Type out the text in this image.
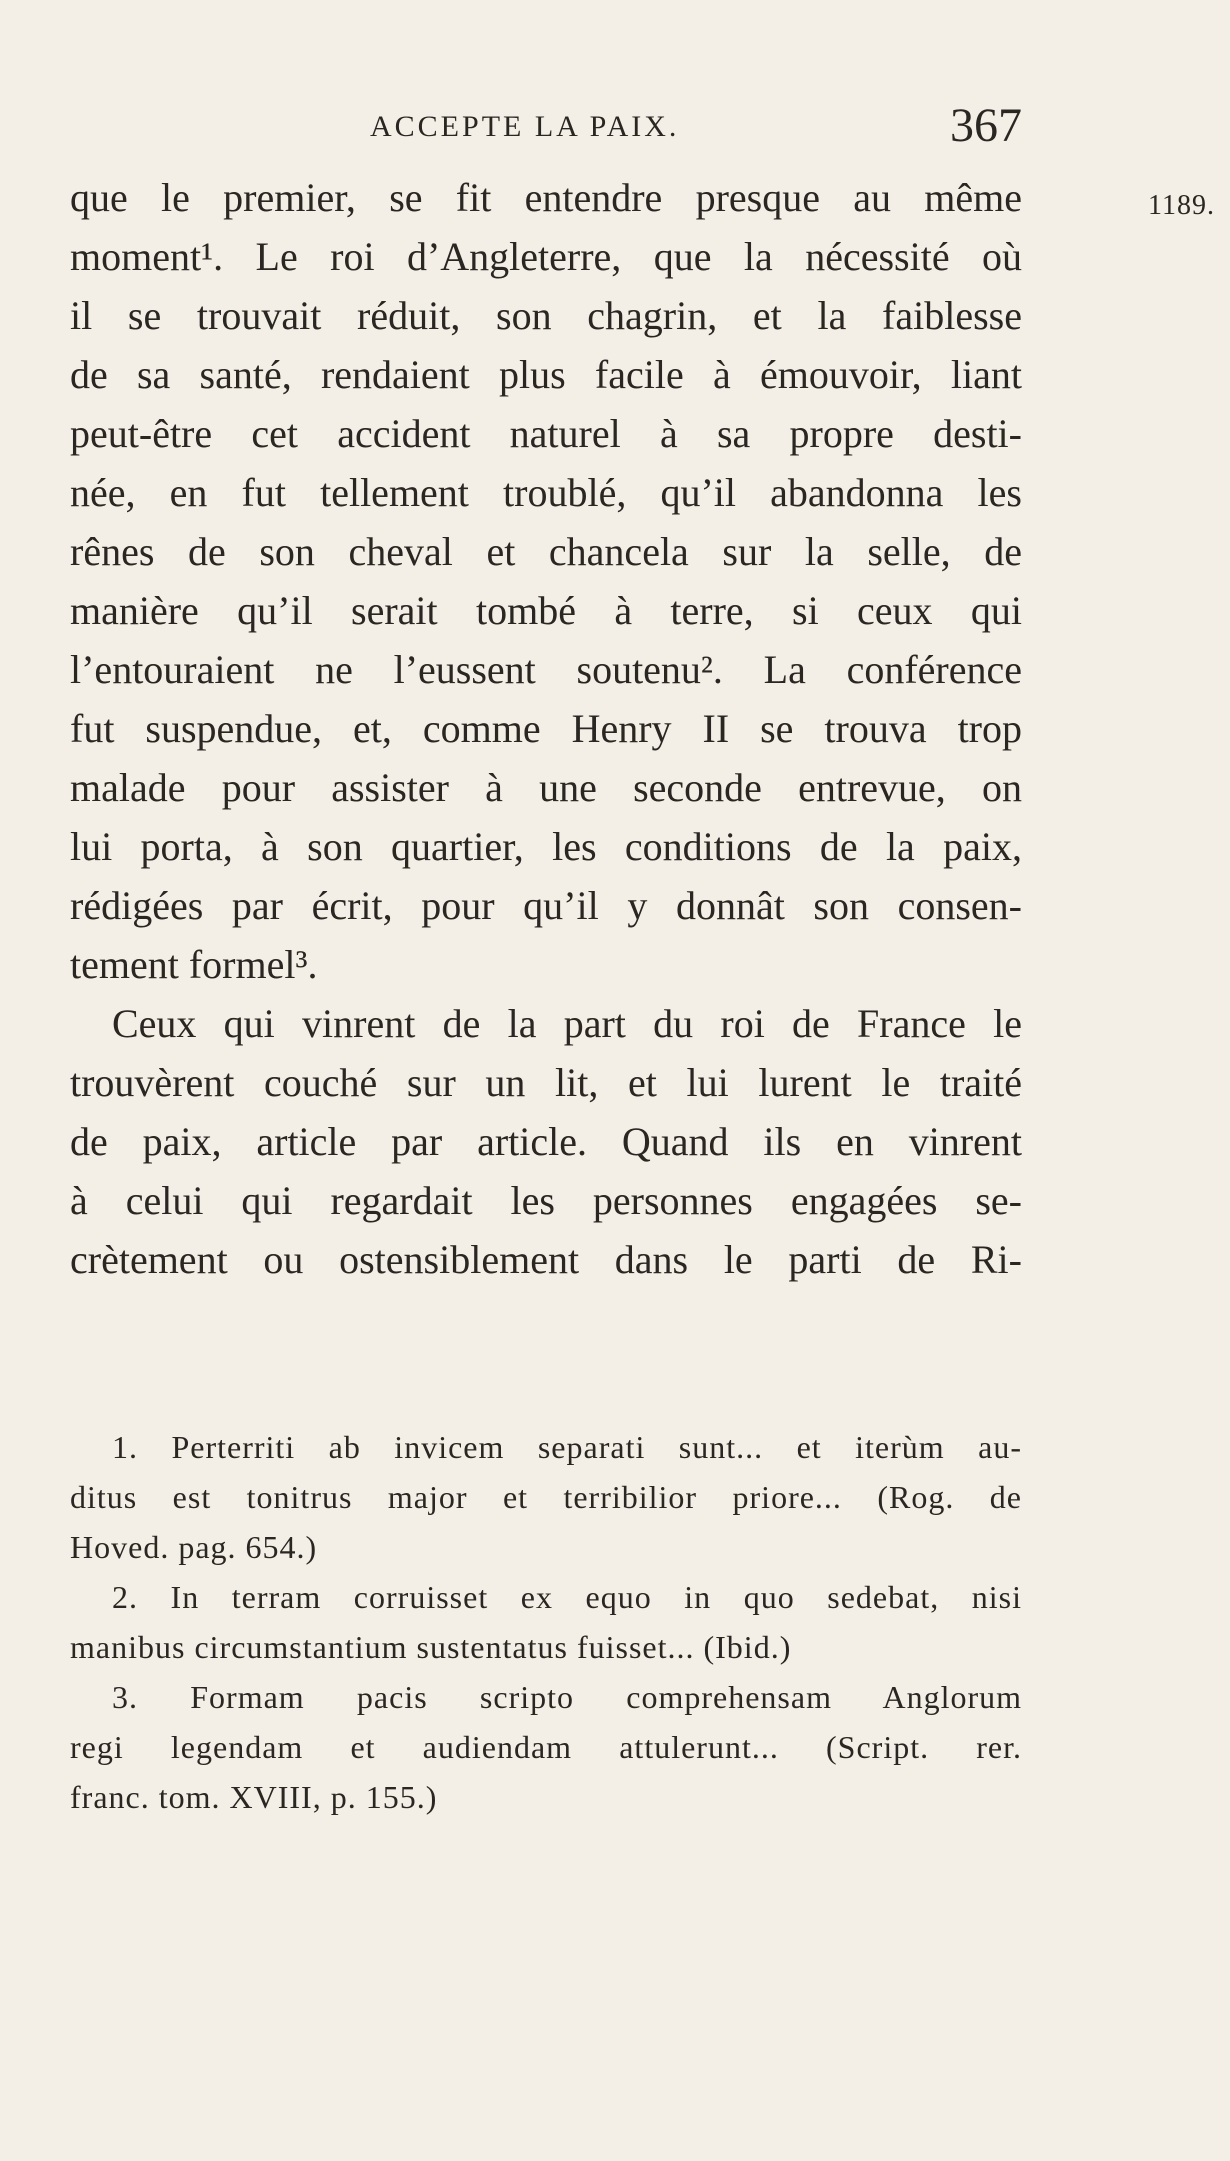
ACCEPTE LA PAIX.	367
1189.
que le premier, se fit entendre presque au même
moment¹. Le roi d’Angleterre, que la nécessité où
il se trouvait réduit, son chagrin, et la faiblesse
de sa santé, rendaient plus facile à émouvoir, liant
peut-être cet accident naturel à sa propre desti-
née, en fut tellement troublé, qu’il abandonna les
rênes de son cheval et chancela sur la selle, de
manière qu’il serait tombé à terre, si ceux qui
l’entouraient ne l’eussent soutenu². La conférence
fut suspendue, et, comme Henry II se trouva trop
malade pour assister à une seconde entrevue, on
lui porta, à son quartier, les conditions de la paix,
rédigées par écrit, pour qu’il y donnât son consen-
tement formel³.
Ceux qui vinrent de la part du roi de France le
trouvèrent couché sur un lit, et lui lurent le traité
de paix, article par article. Quand ils en vinrent
à celui qui regardait les personnes engagées se-
crètement ou ostensiblement dans le parti de Ri-
1. Perterriti ab invicem separati sunt... et iterùm au-
ditus est tonitrus major et terribilior priore... (Rog. de
Hoved. pag. 654.)
2. In terram corruisset ex equo in quo sedebat, nisi
manibus circumstantium sustentatus fuisset... (Ibid.)
3. Formam pacis scripto comprehensam Anglorum
regi legendam et audiendam attulerunt... (Script. rer.
franc. tom. XVIII, p. 155.)
